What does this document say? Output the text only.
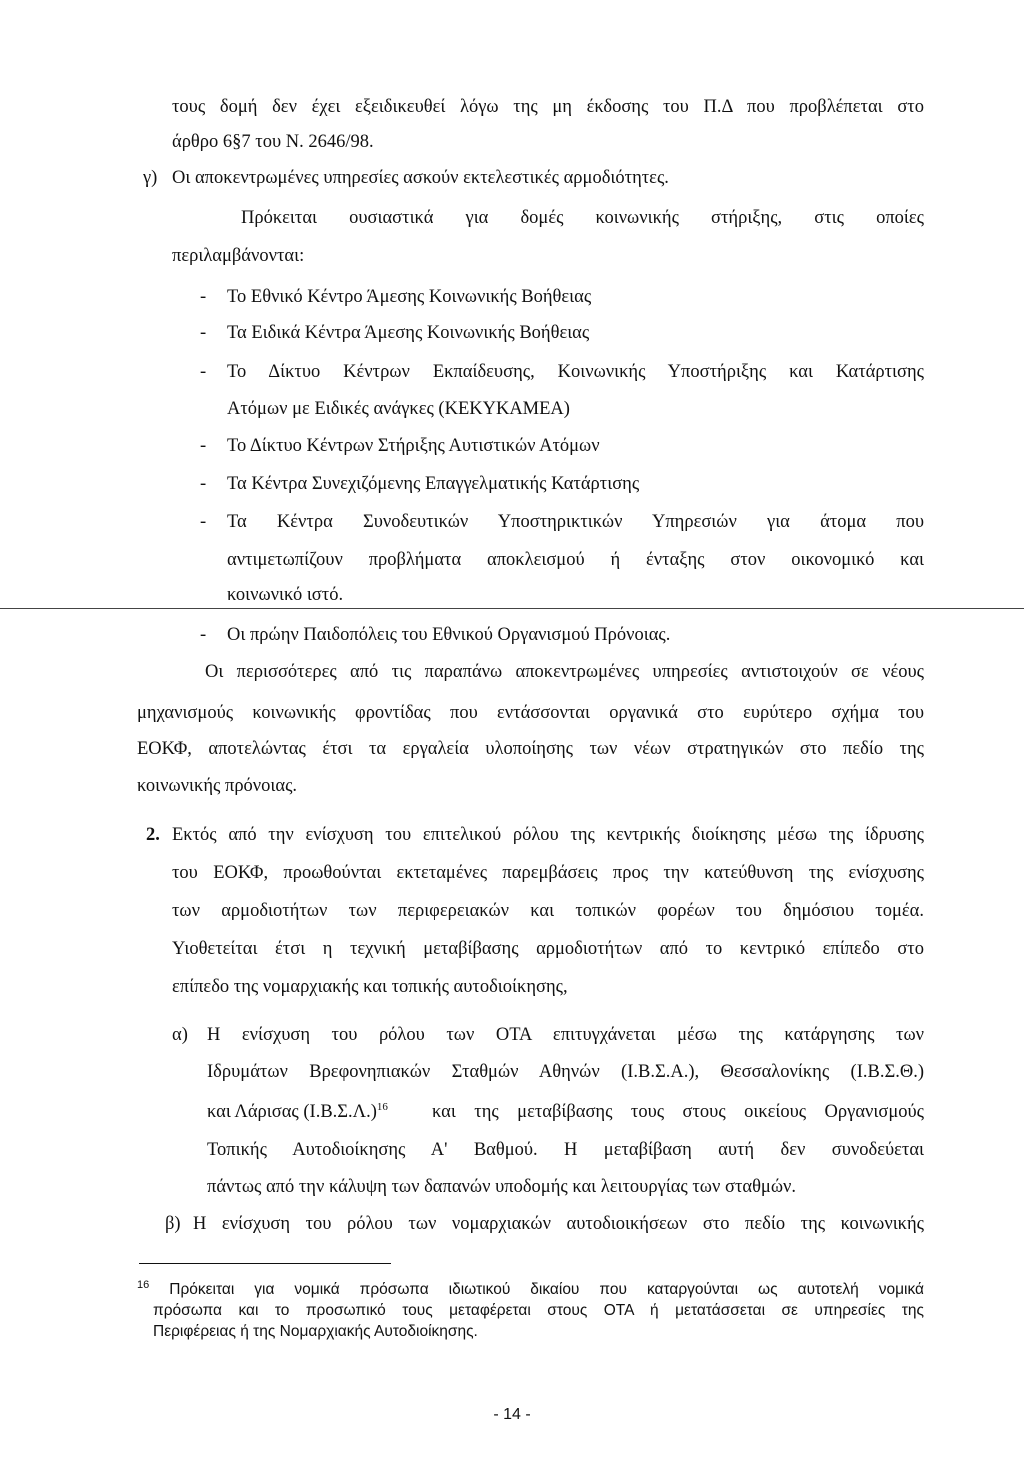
τους δομή δεν έχει εξειδικευθεί λόγω της μη έκδοσης του Π.Δ που προβλέπεται στο
άρθρο 6§7 του Ν. 2646/98.
γ) Οι αποκεντρωμένες υπηρεσίες ασκούν εκτελεστικές αρμοδιότητες.
Πρόκειται ουσιαστικά για δομές κοινωνικής στήριξης, στις οποίες
περιλαμβάνονται:
- Το Εθνικό Κέντρο Άμεσης Κοινωνικής Βοήθειας
- Τα Ειδικά Κέντρα Άμεσης Κοινωνικής Βοήθειας
- Το Δίκτυο Κέντρων Εκπαίδευσης, Κοινωνικής Υποστήριξης και Κατάρτισης
Ατόμων με Ειδικές ανάγκες (ΚΕΚΥΚΑΜΕΑ)
- Το Δίκτυο Κέντρων Στήριξης Αυτιστικών Ατόμων
- Τα Κέντρα Συνεχιζόμενης Επαγγελματικής Κατάρτισης
- Τα Κέντρα Συνοδευτικών Υποστηρικτικών Υπηρεσιών για άτομα που
αντιμετωπίζουν προβλήματα αποκλεισμού ή ένταξης στον οικονομικό και
κοινωνικό ιστό.
- Οι πρώην Παιδοπόλεις του Εθνικού Οργανισμού Πρόνοιας.
Οι περισσότερες από τις παραπάνω αποκεντρωμένες υπηρεσίες αντιστοιχούν σε νέους
μηχανισμούς κοινωνικής φροντίδας που εντάσσονται οργανικά στο ευρύτερο σχήμα του
ΕΟΚΦ, αποτελώντας έτσι τα εργαλεία υλοποίησης των νέων στρατηγικών στο πεδίο της
κοινωνικής πρόνοιας.
2. Εκτός από την ενίσχυση του επιτελικού ρόλου της κεντρικής διοίκησης μέσω της ίδρυσης
του ΕΟΚΦ, προωθούνται εκτεταμένες παρεμβάσεις προς την κατεύθυνση της ενίσχυσης
των αρμοδιοτήτων των περιφερειακών και τοπικών φορέων του δημόσιου τομέα.
Υιοθετείται έτσι η τεχνική μεταβίβασης αρμοδιοτήτων από το κεντρικό επίπεδο στο
επίπεδο της νομαρχιακής και τοπικής αυτοδιοίκησης,
α) Η ενίσχυση του ρόλου των ΟΤΑ επιτυγχάνεται μέσω της κατάργησης των
Ιδρυμάτων Βρεφονηπιακών Σταθμών Αθηνών (Ι.Β.Σ.Α.), Θεσσαλονίκης (Ι.Β.Σ.Θ.)
και Λάρισας $(I.B.\Sigma.\Lambda.)^{16}$ και της μεταβίβασης τους στους οικείους Οργανισμούς
Τοπικής Αυτοδιοίκησης Α' Βαθμού. Η μεταβίβαση αυτή δεν συνοδεύεται
πάντως από την κάλυψη των δαπανών υποδομής και λειτουργίας των σταθμών.
β) Η ενίσχυση του ρόλου των νομαρχιακών αυτοδιοικήσεων στο πεδίο της κοινωνικής
$^{16}$ Πρόκειται για νομικά πρόσωπα ιδιωτικού δικαίου που καταργούνται ως αυτοτελή νομικά
πρόσωπα και το προσωπικό τους μεταφέρεται στους ΟΤΑ ή μετατάσσεται σε υπηρεσίες της
Περιφέρειας ή της Νομαρχιακής Αυτοδιοίκησης.
- 14 -
